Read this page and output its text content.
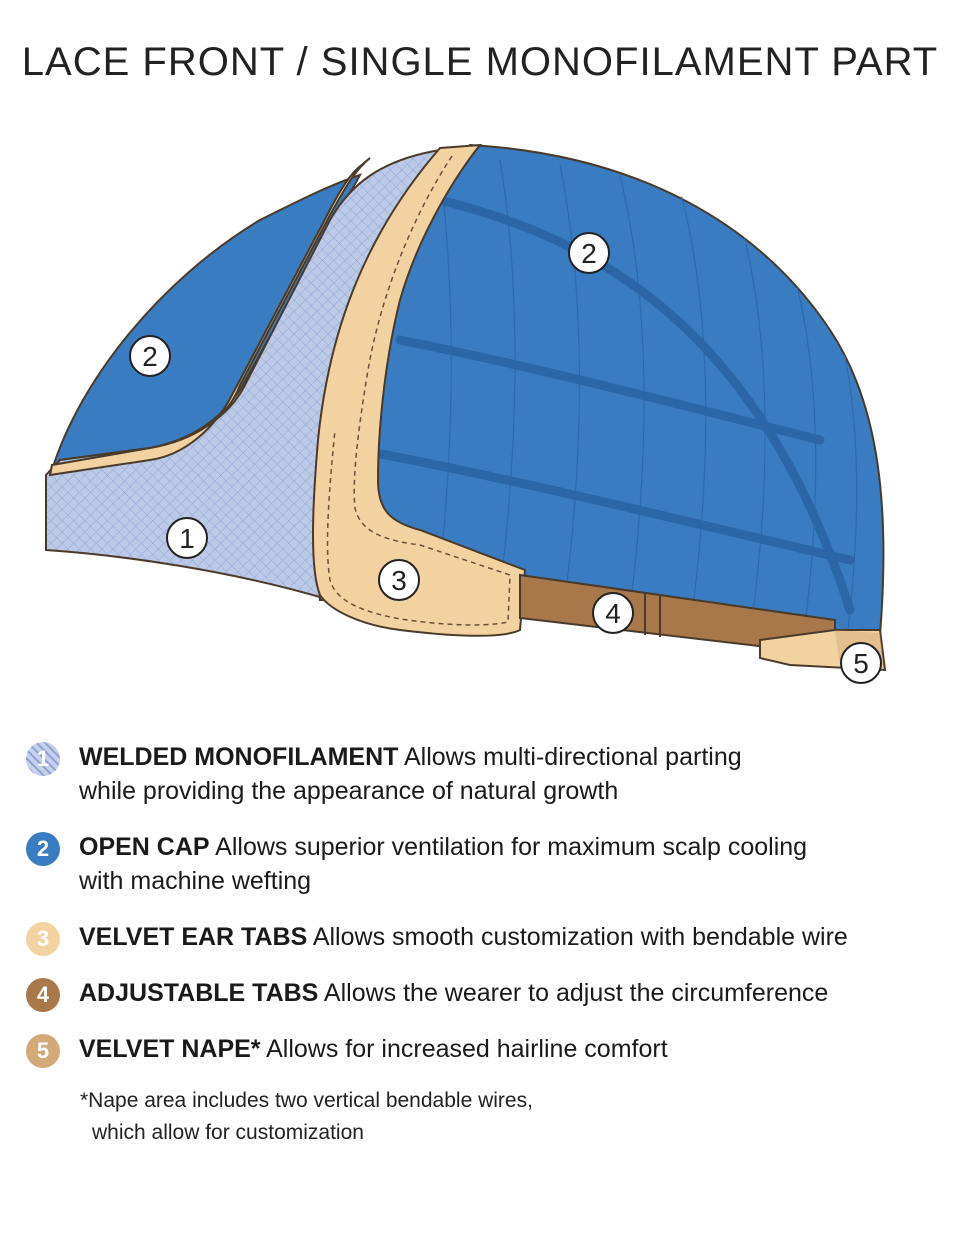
LACE FRONT / SINGLE MONOFILAMENT PART
1
2
2
3
4
5
1	WELDED MONOFILAMENT Allows multi-directional parting
while providing the appearance of natural growth
2	OPEN CAP Allows superior ventilation for maximum scalp cooling
with machine wefting
3	VELVET EAR TABS Allows smooth customization with bendable wire
4	ADJUSTABLE TABS Allows the wearer to adjust the circumference
5	VELVET NAPE* Allows for increased hairline comfort
*Nape area includes two vertical bendable wires,
which allow for customization
